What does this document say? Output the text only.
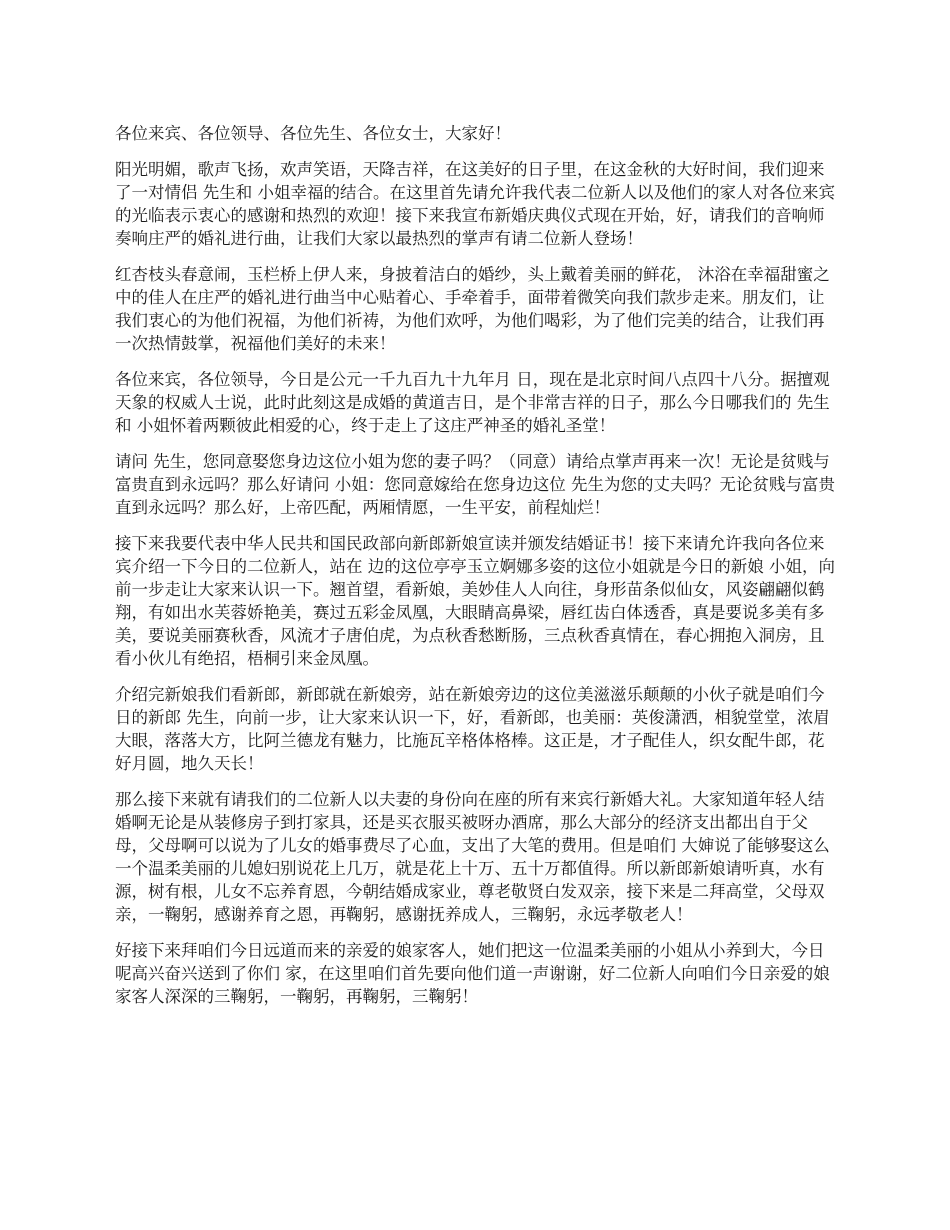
各位来宾、各位领导、各位先生、各位女士，大家好！

阳光明媚，歌声飞扬，欢声笑语，天降吉祥，在这美好的日子里，在这金秋的大好时间，我们迎来了一对情侣 先生和 小姐幸福的结合。在这里首先请允许我代表二位新人以及他们的家人对各位来宾的光临表示衷心的感谢和热烈的欢迎！接下来我宣布新婚庆典仪式现在开始，好，请我们的音响师奏响庄严的婚礼进行曲，让我们大家以最热烈的掌声有请二位新人登场！

红杏枝头春意闹，玉栏桥上伊人来，身披着洁白的婚纱，头上戴着美丽的鲜花， 沐浴在幸福甜蜜之中的佳人在庄严的婚礼进行曲当中心贴着心、手牵着手，面带着微笑向我们款步走来。朋友们，让我们衷心的为他们祝福，为他们祈祷，为他们欢呼，为他们喝彩，为了他们完美的结合，让我们再一次热情鼓掌，祝福他们美好的未来！

各位来宾，各位领导，今日是公元一千九百九十九年月 日，现在是北京时间八点四十八分。据擅观天象的权威人士说，此时此刻这是成婚的黄道吉日，是个非常吉祥的日子，那么今日哪我们的 先生和 小姐怀着两颗彼此相爱的心，终于走上了这庄严神圣的婚礼圣堂！

请问 先生，您同意娶您身边这位小姐为您的妻子吗？（同意）请给点掌声再来一次！无论是贫贱与富贵直到永远吗？那么好请问 小姐：您同意嫁给在您身边这位 先生为您的丈夫吗？无论贫贱与富贵直到永远吗？那么好，上帝匹配，两厢情愿，一生平安，前程灿烂！

接下来我要代表中华人民共和国民政部向新郎新娘宣读并颁发结婚证书！接下来请允许我向各位来宾介绍一下今日的二位新人，站在 边的这位亭亭玉立婀娜多姿的这位小姐就是今日的新娘 小姐，向前一步走让大家来认识一下。翘首望，看新娘，美妙佳人人向往，身形苗条似仙女，风姿翩翩似鹤翔，有如出水芙蓉娇艳美，赛过五彩金凤凰，大眼睛高鼻梁，唇红齿白体透香，真是要说多美有多美，要说美丽赛秋香，风流才子唐伯虎，为点秋香愁断肠，三点秋香真情在，春心拥抱入洞房，且看小伙儿有绝招，梧桐引来金凤凰。

介绍完新娘我们看新郎，新郎就在新娘旁，站在新娘旁边的这位美滋滋乐颠颠的小伙子就是咱们今日的新郎 先生，向前一步，让大家来认识一下，好，看新郎，也美丽：英俊潇洒，相貌堂堂，浓眉大眼，落落大方，比阿兰德龙有魅力，比施瓦辛格体格棒。这正是，才子配佳人，织女配牛郎，花好月圆，地久天长！

那么接下来就有请我们的二位新人以夫妻的身份向在座的所有来宾行新婚大礼。大家知道年轻人结婚啊无论是从装修房子到打家具，还是买衣服买被呀办酒席，那么大部分的经济支出都出自于父母，父母啊可以说为了儿女的婚事费尽了心血，支出了大笔的费用。但是咱们 大婶说了能够娶这么一个温柔美丽的儿媳妇别说花上几万，就是花上十万、五十万都值得。所以新郎新娘请听真，水有源，树有根，儿女不忘养育恩，今朝结婚成家业，尊老敬贤白发双亲，接下来是二拜高堂，父母双亲，一鞠躬，感谢养育之恩，再鞠躬，感谢抚养成人，三鞠躬，永远孝敬老人！

好接下来拜咱们今日远道而来的亲爱的娘家客人，她们把这一位温柔美丽的小姐从小养到大，今日呢高兴奋兴送到了你们 家，在这里咱们首先要向他们道一声谢谢，好二位新人向咱们今日亲爱的娘家客人深深的三鞠躬，一鞠躬，再鞠躬，三鞠躬！
